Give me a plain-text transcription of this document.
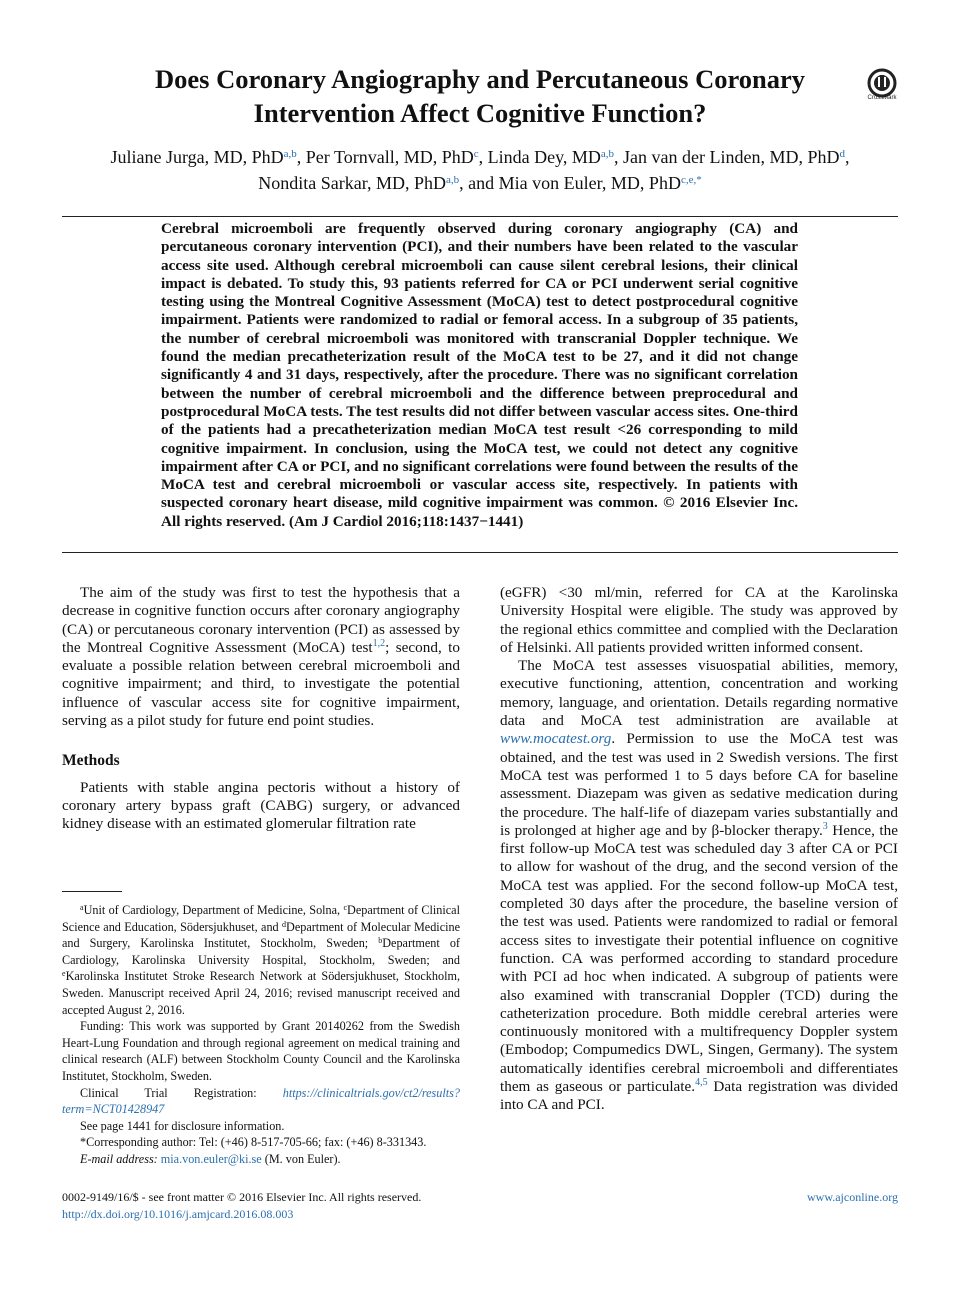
CrossMark
Does Coronary Angiography and Percutaneous Coronary Intervention Affect Cognitive Function?

Juliane Jurga, MD, PhD$^{a,b}$, Per Tornvall, MD, PhD$^c$, Linda Dey, MD$^{a,b}$, Jan van der Linden, MD, PhD$^d$,
Nondita Sarkar, MD, PhD$^{a,b}$, and Mia von Euler, MD, PhD$^{c,e,*}$

Cerebral microemboli are frequently observed during coronary angiography (CA) and percutaneous coronary intervention (PCI), and their numbers have been related to the vascular access site used. Although cerebral microemboli can cause silent cerebral lesions, their clinical impact is debated. To study this, 93 patients referred for CA or PCI underwent serial cognitive testing using the Montreal Cognitive Assessment (MoCA) test to detect postprocedural cognitive impairment. Patients were randomized to radial or femoral access. In a subgroup of 35 patients, the number of cerebral microemboli was monitored with transcranial Doppler technique. We found the median precatheterization result of the MoCA test to be 27, and it did not change significantly 4 and 31 days, respectively, after the procedure. There was no significant correlation between the number of cerebral microemboli and the difference between preprocedural and postprocedural MoCA tests. The test results did not differ between vascular access sites. One-third of the patients had a precatheterization median MoCA test result <26 corresponding to mild cognitive impairment. In conclusion, using the MoCA test, we could not detect any cognitive impairment after CA or PCI, and no significant correlations were found between the results of the MoCA test and cerebral microemboli or vascular access site, respectively. In patients with suspected coronary heart disease, mild cognitive impairment was common. © 2016 Elsevier Inc. All rights reserved. (Am J Cardiol 2016;118:1437−1441)

The aim of the study was first to test the hypothesis that a decrease in cognitive function occurs after coronary angiography (CA) or percutaneous coronary intervention (PCI) as assessed by the Montreal Cognitive Assessment (MoCA) test$^{1,2}$; second, to evaluate a possible relation between cerebral microemboli and cognitive impairment; and third, to investigate the potential influence of vascular access site for cognitive impairment, serving as a pilot study for future end point studies.

Methods

Patients with stable angina pectoris without a history of coronary artery bypass graft (CABG) surgery, or advanced kidney disease with an estimated glomerular filtration rate

$^a$Unit of Cardiology, Department of Medicine, Solna, $^c$Department of Clinical Science and Education, Södersjukhuset, and $^d$Department of Molecular Medicine and Surgery, Karolinska Institutet, Stockholm, Sweden; $^b$Department of Cardiology, Karolinska University Hospital, Stockholm, Sweden; and $^e$Karolinska Institutet Stroke Research Network at Södersjukhuset, Stockholm, Sweden. Manuscript received April 24, 2016; revised manuscript received and accepted August 2, 2016.

Funding: This work was supported by Grant 20140262 from the Swedish Heart-Lung Foundation and through regional agreement on medical training and clinical research (ALF) between Stockholm County Council and the Karolinska Institutet, Stockholm, Sweden.

Clinical Trial Registration: https://clinicaltrials.gov/ct2/results?term=NCT01428947

See page 1441 for disclosure information.

*Corresponding author: Tel: (+46) 8-517-705-66; fax: (+46) 8-331343.

E-mail address: mia.von.euler@ki.se (M. von Euler).

(eGFR) <30 ml/min, referred for CA at the Karolinska University Hospital were eligible. The study was approved by the regional ethics committee and complied with the Declaration of Helsinki. All patients provided written informed consent.

The MoCA test assesses visuospatial abilities, memory, executive functioning, attention, concentration and working memory, language, and orientation. Details regarding normative data and MoCA test administration are available at www.mocatest.org. Permission to use the MoCA test was obtained, and the test was used in 2 Swedish versions. The first MoCA test was performed 1 to 5 days before CA for baseline assessment. Diazepam was given as sedative medication during the procedure. The half-life of diazepam varies substantially and is prolonged at higher age and by β-blocker therapy.$^3$ Hence, the first follow-up MoCA test was scheduled day 3 after CA or PCI to allow for washout of the drug, and the second version of the MoCA test was applied. For the second follow-up MoCA test, completed 30 days after the procedure, the baseline version of the test was used. Patients were randomized to radial or femoral access sites to investigate their potential influence on cognitive function. CA was performed according to standard procedure with PCI ad hoc when indicated. A subgroup of patients were also examined with transcranial Doppler (TCD) during the catheterization procedure. Both middle cerebral arteries were continuously monitored with a multifrequency Doppler system (Embodop; Compumedics DWL, Singen, Germany). The system automatically identifies cerebral microemboli and differentiates them as gaseous or particulate.$^{4,5}$ Data registration was divided into CA and PCI.

0002-9149/16/$ - see front matter © 2016 Elsevier Inc. All rights reserved.
http://dx.doi.org/10.1016/j.amjcard.2016.08.003
www.ajconline.org
